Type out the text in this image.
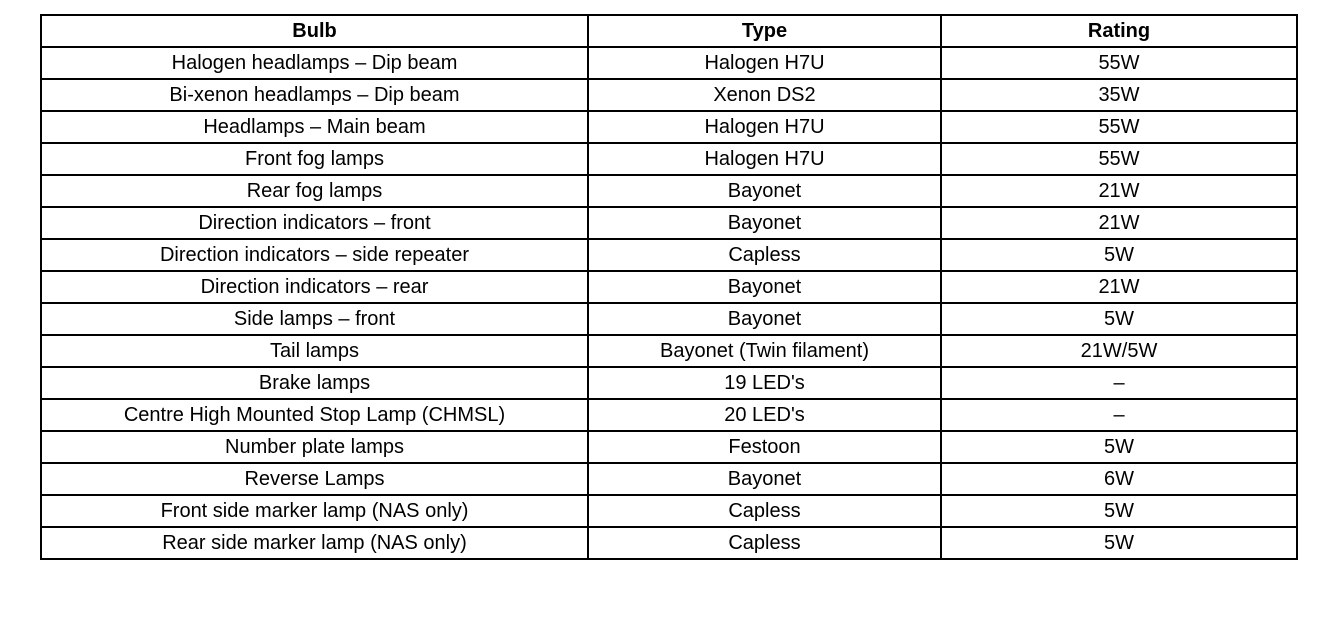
Bulb	Type	Rating
Halogen headlamps – Dip beam	Halogen H7U	55W
Bi-xenon headlamps – Dip beam	Xenon DS2	35W
Headlamps – Main beam	Halogen H7U	55W
Front fog lamps	Halogen H7U	55W
Rear fog lamps	Bayonet	21W
Direction indicators – front	Bayonet	21W
Direction indicators – side repeater	Capless	5W
Direction indicators – rear	Bayonet	21W
Side lamps – front	Bayonet	5W
Tail lamps	Bayonet (Twin filament)	21W/5W
Brake lamps	19 LED's	–
Centre High Mounted Stop Lamp (CHMSL)	20 LED's	–
Number plate lamps	Festoon	5W
Reverse Lamps	Bayonet	6W
Front side marker lamp (NAS only)	Capless	5W
Rear side marker lamp (NAS only)	Capless	5W
